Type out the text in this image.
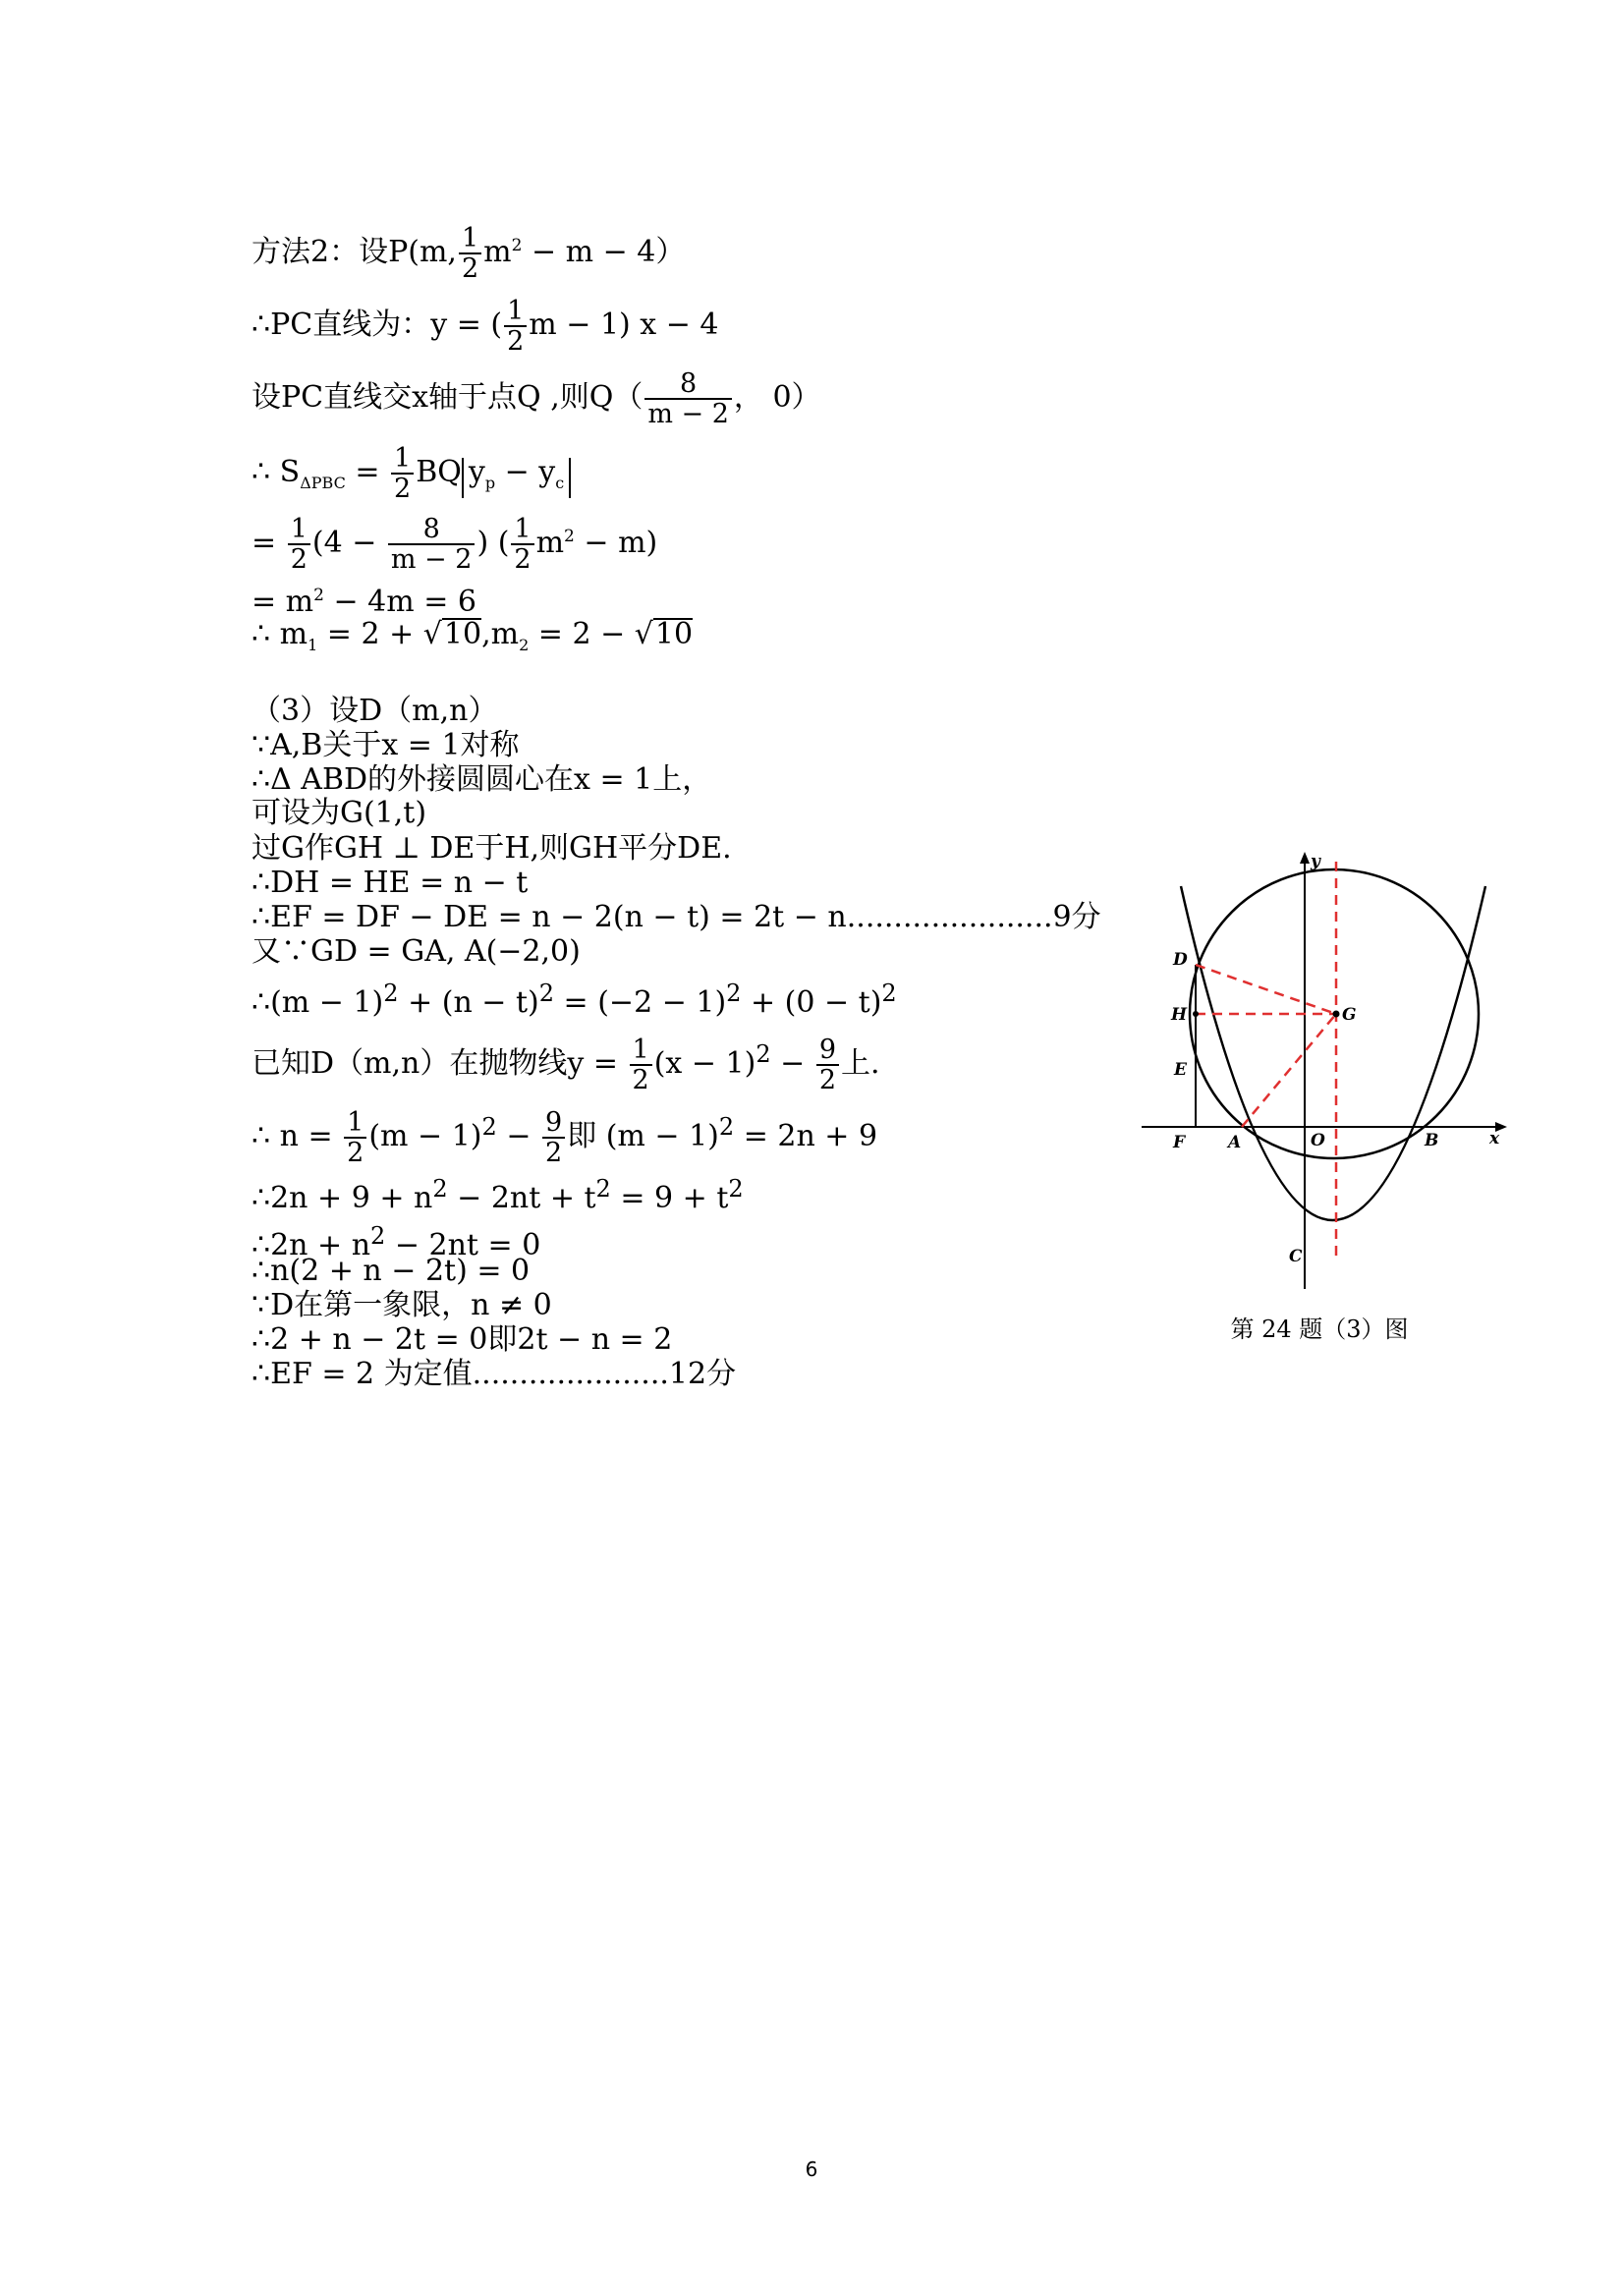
方法2：设P(m, $\frac{1}{2} m^2 - m - 4$）
∴PC直线为：y = ( $\frac{1}{2}$ m − 1) x − 4
设PC直线交x轴于点Q ,则$Q( \frac{8}{m - 2}$ ， 0）
∴ $S_{\Delta PBC} = \frac{1}{2}$ BQ $y_p - y_c$
= $\frac{1}{2} (4 - \frac{8}{m - 2}$ ) ( $\frac{1}{2} m^2 - m$)
= $m^2 - 4m = 6$
∴ $m_1 = 2 + √10,m_2 = 2 - √10$
（3）设D（m,n）
∵A,B关于x = 1对称
∴Δ ABD的外接圆圆心在x = 1上，
可设为G(1,t)
过G作GH ⊥ DE于H,则GH平分DE.
∴DH = HE = n − t
∴EF = DF − DE = n − 2(n − t) = 2t − n......................9分
又∵GD = GA, A(−2,0)
∴(m − $1)^2 + (n - t)^2 = (-2 - 1)^2 + (0 - t)^2$
已知D（m,n）在抛物线$y = \frac{1}{2} (x - 1)^2 - \frac{9}{2}$ 上.
∴ $n = \frac{1}{2} (m - 1)^2 - \frac{9}{2}$ 即 $(m - 1)^2 = 2n + 9$
∴2n + $9 + n^2 - 2nt + t^2 = 9 + t^2$
∴2n + $n^2 - 2nt = 0$
∴n(2 + n − 2t) = 0
∵D在第一象限，n ≠ 0
∴2 + n − 2t = 0即2t − n = 2
∴EF = 2 为定值.....................12分
y
x
D
H	G
E
F	A	O	B
C
第 24 题（3）图
6
